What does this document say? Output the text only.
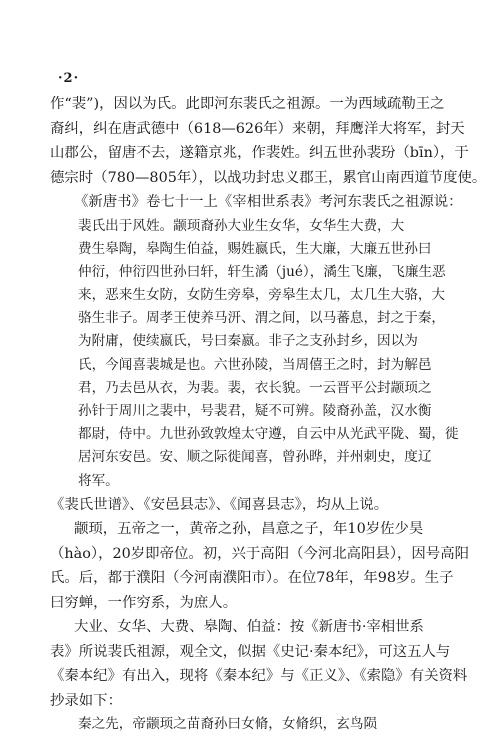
·2·
作“裴”)，因以为氏。此即河东裴氏之祖源。一为西域疏勒王之
裔纠，纠在唐武德中（618—626年）来朝，拜鹰洋大将军，封天
山郡公，留唐不去，遂籍京兆，作裴姓。纠五世孙裴玢（bīn），于
德宗时（780—805年），以战功封忠义郡王，累官山南西道节度使。
《新唐书》卷七十一上《宰相世系表》考河东裴氏之祖源说：
裴氏出于风姓。颛顼裔孙大业生女华，女华生大费，大
费生皋陶，皋陶生伯益，赐姓嬴氏，生大廉，大廉五世孙曰
仲衍，仲衍四世孙曰轩，轩生潏（jué），潏生飞廉，飞廉生恶
来，恶来生女防，女防生旁皋，旁皋生太几，太几生大骆，大
骆生非子。周孝王使养马汧、渭之间，以马蕃息，封之于秦，
为附庸，使续嬴氏，号曰秦嬴。非子之支孙封乡，因以为
氏，今闻喜裴城是也。六世孙陵，当周僖王之时，封为解邑
君，乃去邑从衣，为裴。裴，衣长貌。一云晋平公封颛顼之
孙针于周川之裴中，号裴君，疑不可辨。陵裔孙盖，汉水衡
都尉，侍中。九世孙致敦煌太守遵，自云中从光武平陇、蜀，徙
居河东安邑。安、顺之际徙闻喜，曾孙晔，并州刺史，度辽
将军。
《裴氏世谱》、《安邑县志》、《闻喜县志》，均从上说。
颛顼，五帝之一，黄帝之孙，昌意之子，年10岁佐少昊
（hào），20岁即帝位。初，兴于高阳（今河北高阳县），因号高阳
氏。后，都于濮阳（今河南濮阳市）。在位78年，年98岁。生子
曰穷蝉，一作穷系，为庶人。
大业、女华、大费、皋陶、伯益：按《新唐书·宰相世系
表》所说裴氏祖源，观全文，似据《史记·秦本纪》，可这五人与
《秦本纪》有出入，现将《秦本纪》与《正义》、《索隐》有关资料
抄录如下：
秦之先，帝颛顼之苗裔孙曰女脩，女脩织，玄鸟陨
